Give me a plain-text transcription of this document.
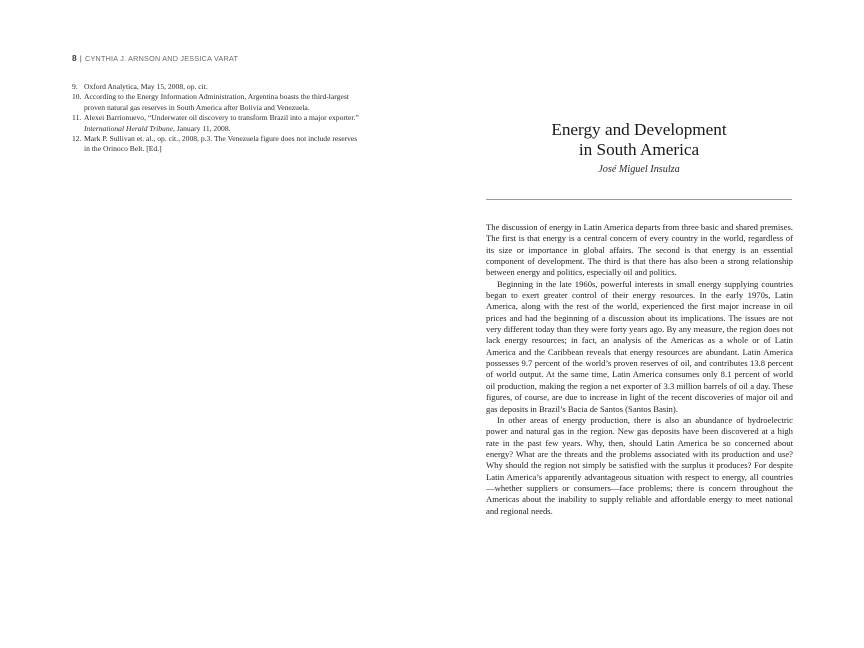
8 | CYNTHIA J. ARNSON AND JESSICA VARAT

9. Oxford Analytica, May 15, 2008, op. cit.

10. According to the Energy Information Administration, Argentina boasts the third-largest proven natural gas reserves in South America after Bolivia and Venezuela.

11. Alexei Barrionuevo, “Underwater oil discovery to transform Brazil into a major exporter.” International Herald Tribune, January 11, 2008.

12. Mark P. Sullivan et. al., op. cit., 2008, p.3. The Venezuela figure does not include reserves in the Orinoco Belt. [Ed.]

Energy and Development
in South America
José Miguel Insulza

The discussion of energy in Latin America departs from three basic and shared premises. The first is that energy is a central concern of every country in the world, regardless of its size or importance in global affairs. The second is that energy is an essential component of development. The third is that there has also been a strong relationship between energy and politics, especially oil and politics.

Beginning in the late 1960s, powerful interests in small energy supplying countries began to exert greater control of their energy resources. In the early 1970s, Latin America, along with the rest of the world, experienced the first major increase in oil prices and had the beginning of a discussion about its implications. The issues are not very different today than they were forty years ago. By any measure, the region does not lack energy resources; in fact, an analysis of the Americas as a whole or of Latin America and the Caribbean reveals that energy resources are abundant. Latin America possesses 9.7 percent of the world’s proven reserves of oil, and contributes 13.8 percent of world output. At the same time, Latin America consumes only 8.1 percent of world oil production, making the region a net exporter of 3.3 million barrels of oil a day. These figures, of course, are due to increase in light of the recent discoveries of major oil and gas deposits in Brazil’s Bacia de Santos (Santos Basin).

In other areas of energy production, there is also an abundance of hydroelectric power and natural gas in the region. New gas deposits have been discovered at a high rate in the past few years. Why, then, should Latin America be so concerned about energy? What are the threats and the problems associated with its production and use? Why should the region not simply be satisfied with the surplus it produces? For despite Latin America’s apparently advantageous situation with respect to energy, all countries—whether suppliers or consumers—face problems; there is concern throughout the Americas about the inability to supply reliable and affordable energy to meet national and regional needs.
